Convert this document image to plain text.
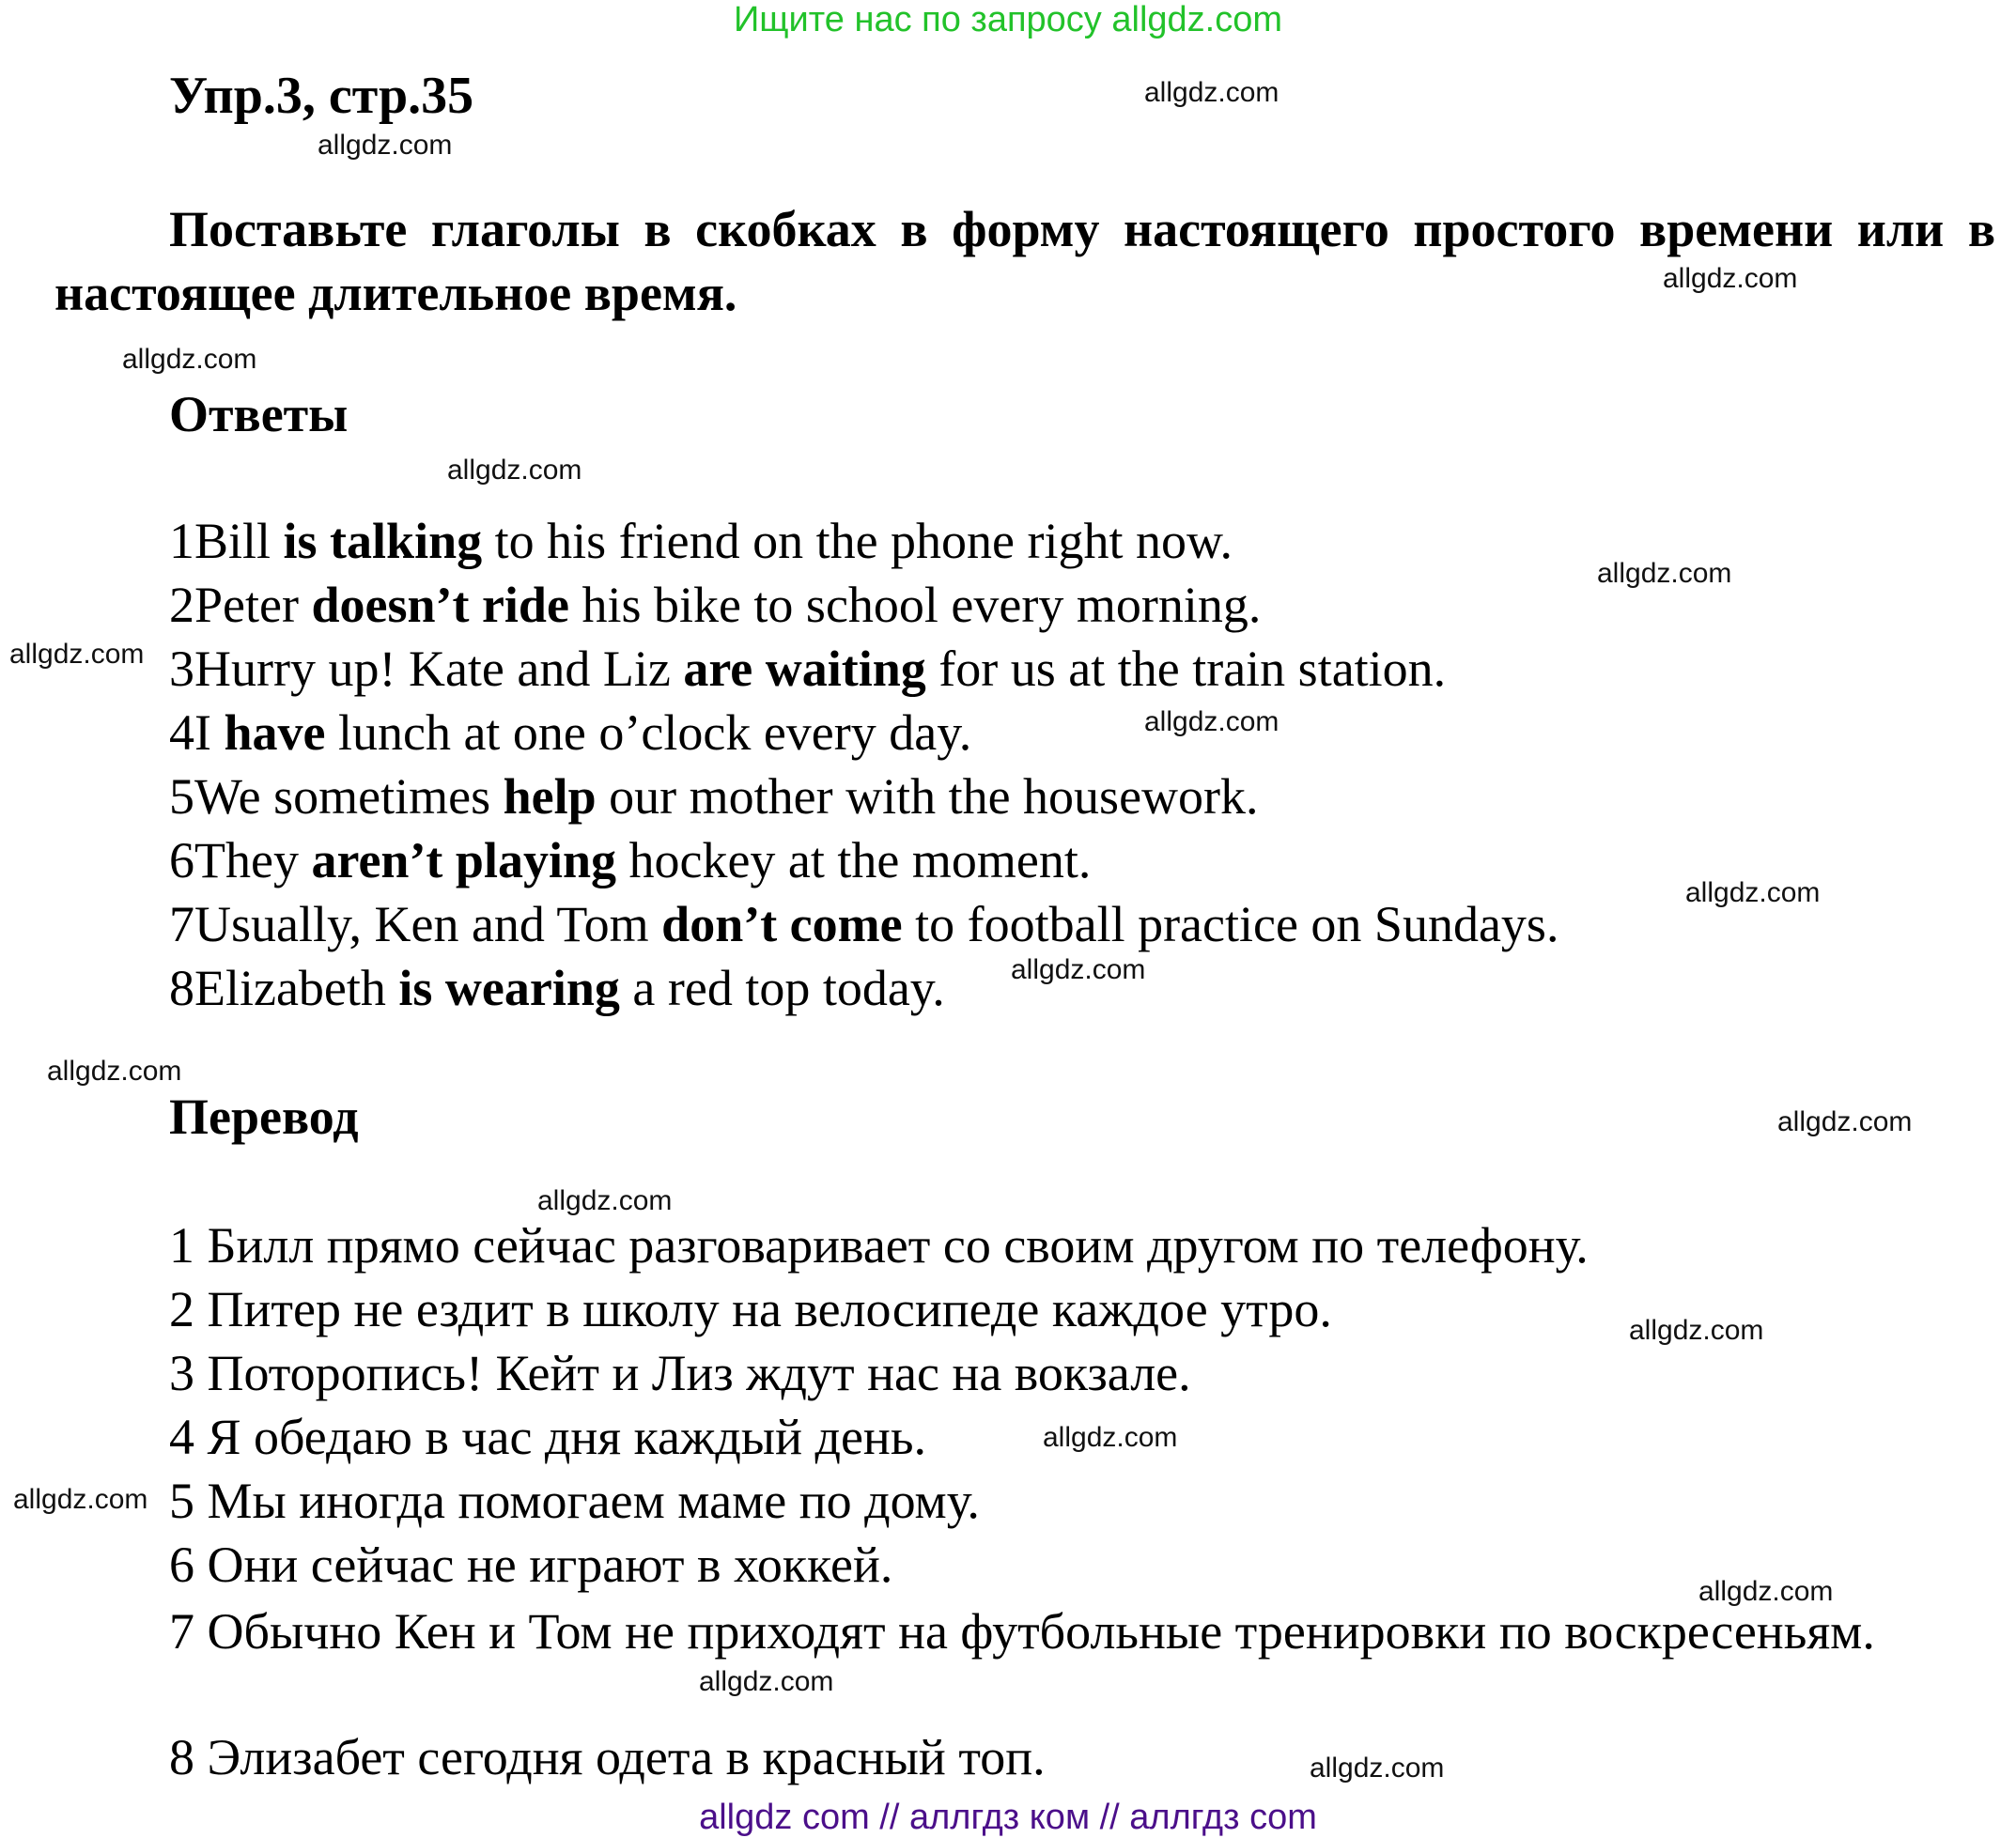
Ищите нас по запросу allgdz.com
Упр.3, стр.35
Поставьте глаголы в скобках в форму настоящего простого времени или в настоящее длительное время.
Ответы
1Bill is talking to his friend on the phone right now.
2Peter doesn’t ride his bike to school every morning.
3Hurry up! Kate and Liz are waiting for us at the train station.
4I have lunch at one o’clock every day.
5We sometimes help our mother with the housework.
6They aren’t playing hockey at the moment.
7Usually, Ken and Tom don’t come to football practice on Sundays.
8Elizabeth is wearing a red top today.
Перевод
1 Билл прямо сейчас разговаривает со своим другом по телефону.
2 Питер не ездит в школу на велосипеде каждое утро.
3 Поторопись! Кейт и Лиз ждут нас на вокзале.
4 Я обедаю в час дня каждый день.
5 Мы иногда помогаем маме по дому.
6 Они сейчас не играют в хоккей.
7 Обычно Кен и Том не приходят на футбольные тренировки по воскресеньям.
8 Элизабет сегодня одета в красный топ.
allgdz.com
allgdz.com
allgdz.com
allgdz.com
allgdz.com
allgdz.com
allgdz.com
allgdz.com
allgdz.com
allgdz.com
allgdz.com
allgdz.com
allgdz.com
allgdz.com
allgdz.com
allgdz.com
allgdz.com
allgdz.com
allgdz.com
allgdz com // аллгдз ком // аллгдз com
